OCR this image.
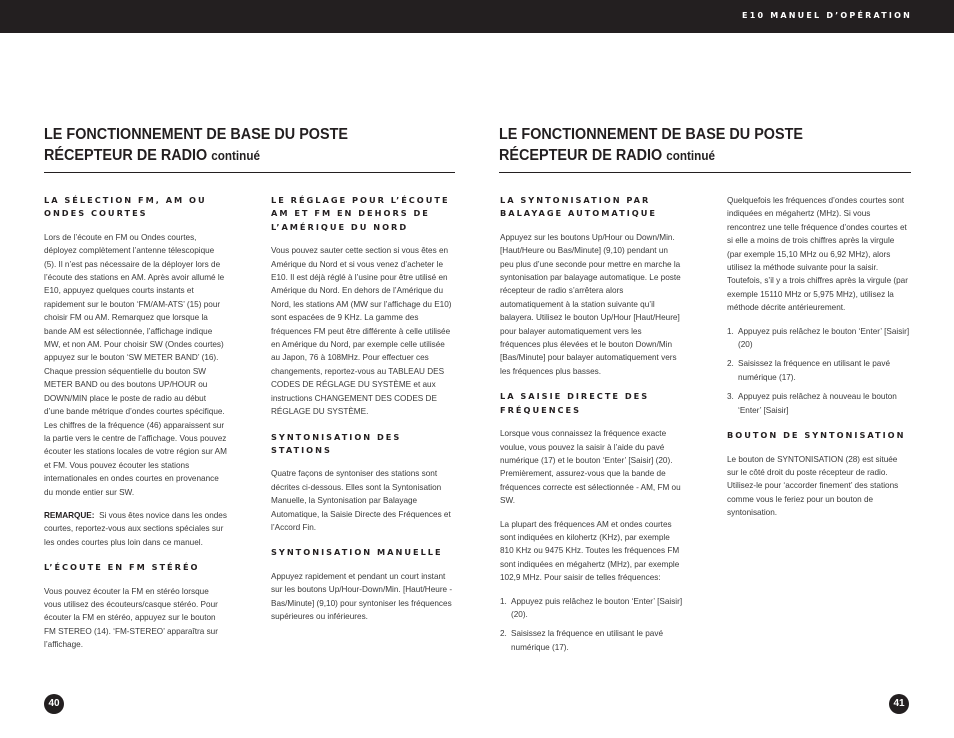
E10 MANUEL D’OPÉRATION
LE FONCTIONNEMENT DE BASE DU POSTE
RÉCEPTEUR DE RADIO continué
LA SÉLECTION FM, AM OU ONDES COURTES

Lors de l’écoute en FM ou Ondes courtes, déployez complètement l’antenne télescopique (5). Il n’est pas nécessaire de la déployer lors de l’écoute des stations en AM. Après avoir allumé le E10, appuyez quelques courts instants et rapidement sur le bouton ‘FM/AM-ATS’ (15) pour choisir FM ou AM. Remarquez que lorsque la bande AM est sélectionnée, l’affichage indique MW, et non AM. Pour choisir SW (Ondes courtes) appuyez sur le bouton ‘SW METER BAND’ (16). Chaque pression séquentielle du bouton SW METER BAND ou des boutons UP/HOUR ou DOWN/MIN place le poste de radio au début d’une bande métrique d’ondes courtes spécifique. Les chiffres de la fréquence (46) apparaissent sur la partie vers le centre de l’affichage. Vous pouvez écouter les stations locales de votre région sur AM et FM. Vous pouvez écouter les stations internationales en ondes courtes en provenance du monde entier sur SW.

REMARQUE: Si vous êtes novice dans les ondes courtes, reportez-vous aux sections spéciales sur les ondes courtes plus loin dans ce manuel.

L’ÉCOUTE EN FM STÉRÉO

Vous pouvez écouter la FM en stéréo lorsque vous utilisez des écouteurs/casque stéréo. Pour écouter la FM en stéréo, appuyez sur le bouton FM STEREO (14). ‘FM-STEREO’ apparaîtra sur l’affichage.

LE RÉGLAGE POUR L’ÉCOUTE AM ET FM EN DEHORS DE L’AMÉRIQUE DU NORD

Vous pouvez sauter cette section si vous êtes en Amérique du Nord et si vous venez d’acheter le E10. Il est déjà réglé à l’usine pour être utilisé en Amérique du Nord. En dehors de l’Amérique du Nord, les stations AM (MW sur l’affichage du E10) sont espacées de 9 KHz. La gamme des fréquences FM peut être différente à celle utilisée en Amérique du Nord, par exemple celle utilisée au Japon, 76 à 108MHz. Pour effectuer ces changements, reportez-vous au TABLEAU DES CODES DE RÉGLAGE DU SYSTÈME et aux instructions CHANGEMENT DES CODES DE RÉGLAGE DU SYSTÈME.

SYNTONISATION DES STATIONS

Quatre façons de syntoniser des stations sont décrites ci-dessous. Elles sont la Syntonisation Manuelle, la Syntonisation par Balayage Automatique, la Saisie Directe des Fréquences et l’Accord Fin.

SYNTONISATION MANUELLE

Appuyez rapidement et pendant un court instant sur les boutons Up/Hour-Down/Min. [Haut/Heure - Bas/Minute] (9,10) pour syntoniser les fréquences supérieures ou inférieures.

40
LE FONCTIONNEMENT DE BASE DU POSTE
RÉCEPTEUR DE RADIO continué
LA SYNTONISATION PAR BALAYAGE AUTOMATIQUE

Appuyez sur les boutons Up/Hour ou Down/Min. [Haut/Heure ou Bas/Minute] (9,10) pendant un peu plus d’une seconde pour mettre en marche la syntonisation par balayage automatique. Le poste récepteur de radio s’arrêtera alors automatiquement à la station suivante qu’il balayera. Utilisez le bouton Up/Hour [Haut/Heure] pour balayer automatiquement vers les fréquences plus élevées et le bouton Down/Min [Bas/Minute] pour balayer automatiquement vers les fréquences plus basses.

LA SAISIE DIRECTE DES FRÉQUENCES

Lorsque vous connaissez la fréquence exacte voulue, vous pouvez la saisir à l’aide du pavé numérique (17) et le bouton ‘Enter’ [Saisir] (20). Premièrement, assurez-vous que la bande de fréquences correcte est sélectionnée - AM, FM ou SW.

La plupart des fréquences AM et ondes courtes sont indiquées en kilohertz (KHz), par exemple 810 KHz ou 9475 KHz. Toutes les fréquences FM sont indiquées en mégahertz (MHz), par exemple 102,9 MHz. Pour saisir de telles fréquences:

1. Appuyez puis relâchez le bouton ‘Enter’ [Saisir] (20).
2. Saisissez la fréquence en utilisant le pavé numérique (17).

Quelquefois les fréquences d’ondes courtes sont indiquées en mégahertz (MHz). Si vous rencontrez une telle fréquence d’ondes courtes et si elle a moins de trois chiffres après la virgule (par exemple 15,10 MHz ou 6,92 MHz), alors utilisez la méthode suivante pour la saisir. Toutefois, s’il y a trois chiffres après la virgule (par exemple 15110 MHz or 5,975 MHz), utilisez la méthode décrite antérieurement.

1. Appuyez puis relâchez le bouton ‘Enter’ [Saisir] (20)
2. Saisissez la fréquence en utilisant le pavé numérique (17).
3. Appuyez puis relâchez à nouveau le bouton ‘Enter’ [Saisir]
BOUTON DE SYNTONISATION

Le bouton de SYNTONISATION (28) est située sur le côté droit du poste récepteur de radio. Utilisez-le pour ‘accorder finement’ des stations comme vous le feriez pour un bouton de syntonisation.

41
